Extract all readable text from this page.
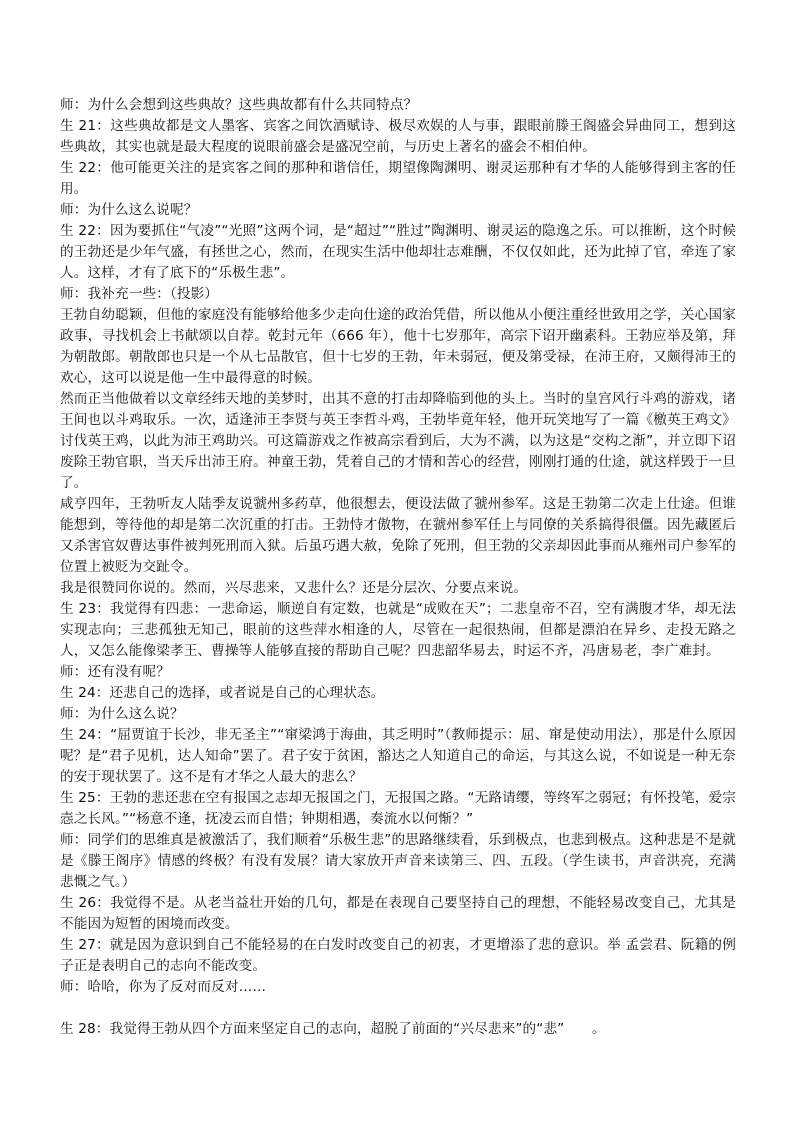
师：为什么会想到这些典故？这些典故都有什么共同特点？

生 21：这些典故都是文人墨客、宾客之间饮酒赋诗、极尽欢娱的人与事，跟眼前滕王阁盛会异曲同工，想到这些典故，其实也就是最大程度的说眼前盛会是盛况空前，与历史上著名的盛会不相伯仲。

生 22：他可能更关注的是宾客之间的那种和谐信任，期望像陶渊明、谢灵运那种有才华的人能够得到主客的任用。

师：为什么这么说呢？

生 22：因为要抓住“气凌”“光照”这两个词，是“超过”“胜过”陶渊明、谢灵运的隐逸之乐。可以推断，这个时候的王勃还是少年气盛，有拯世之心，然而，在现实生活中他却壮志难酬，不仅仅如此，还为此掉了官，牵连了家人。这样，才有了底下的“乐极生悲”。

师：我补充一些：（投影）

王勃自幼聪颖，但他的家庭没有能够给他多少走向仕途的政治凭借，所以他从小便注重经世致用之学，关心国家政事，寻找机会上书献颂以自荐。乾封元年（666 年），他十七岁那年，高宗下诏开幽素科。王勃应举及第，拜为朝散郎。朝散郎也只是一个从七品散官，但十七岁的王勃，年未弱冠，便及第受禄，在沛王府，又颇得沛王的欢心，这可以说是他一生中最得意的时候。

然而正当他做着以文章经纬天地的美梦时，出其不意的打击却降临到他的头上。当时的皇宫风行斗鸡的游戏，诸王间也以斗鸡取乐。一次，适逢沛王李贤与英王李哲斗鸡，王勃毕竟年轻，他开玩笑地写了一篇《檄英王鸡文》讨伐英王鸡，以此为沛王鸡助兴。可这篇游戏之作被高宗看到后，大为不满，以为这是“交构之渐”，并立即下诏废除王勃官职，当天斥出沛王府。神童王勃，凭着自己的才情和苦心的经营，刚刚打通的仕途，就这样毁于一旦了。

咸亨四年，王勃听友人陆季友说虢州多药草，他很想去，便设法做了虢州参军。这是王勃第二次走上仕途。但谁能想到，等待他的却是第二次沉重的打击。王勃恃才傲物，在虢州参军任上与同僚的关系搞得很僵。因先藏匿后又杀害官奴曹达事件被判死刑而入狱。后虽巧遇大赦，免除了死刑，但王勃的父亲却因此事而从雍州司户参军的位置上被贬为交趾令。

我是很赞同你说的。然而，兴尽悲来，又悲什么？还是分层次、分要点来说。

生 23：我觉得有四悲：一悲命运，顺逆自有定数，也就是“成败在天”；二悲皇帝不召，空有满腹才华，却无法实现志向；三悲孤独无知己，眼前的这些萍水相逢的人，尽管在一起很热闹，但都是漂泊在异乡、走投无路之人，又怎么能像梁孝王、曹操等人能够直接的帮助自己呢？四悲韶华易去，时运不齐，冯唐易老，李广难封。

师：还有没有呢？

生 24：还悲自己的选择，或者说是自己的心理状态。

师：为什么这么说？

生 24：“屈贾谊于长沙，非无圣主”“窜梁鸿于海曲，其乏明时”（教师提示：屈、窜是使动用法），那是什么原因呢？是“君子见机，达人知命”罢了。君子安于贫困，豁达之人知道自己的命运，与其这么说，不如说是一种无奈的安于现状罢了。这不是有才华之人最大的悲么？

生 25：王勃的悲还悲在空有报国之志却无报国之门，无报国之路。“无路请缨，等终军之弱冠；有怀投笔，爱宗悫之长风。”“杨意不逢，抚凌云而自惜；钟期相遇，奏流水以何惭？”

师：同学们的思维真是被激活了，我们顺着“乐极生悲”的思路继续看，乐到极点，也悲到极点。这种悲是不是就是《滕王阁序》情感的终极？有没有发展？请大家放开声音来读第三、四、五段。（学生读书，声音洪亮，充满悲慨之气。）

生 26：我觉得不是。从老当益壮开始的几句，都是在表现自己要坚持自己的理想，不能轻易改变自己，尤其是不能因为短暂的困境而改变。

生 27：就是因为意识到自己不能轻易的在白发时改变自己的初衷，才更增添了悲的意识。举 孟尝君、阮籍的例子正是表明自己的志向不能改变。

师：哈哈，你为了反对而反对……

生 28：我觉得王勃从四个方面来坚定自己的志向，超脱了前面的“兴尽悲来”的“悲”　　。
